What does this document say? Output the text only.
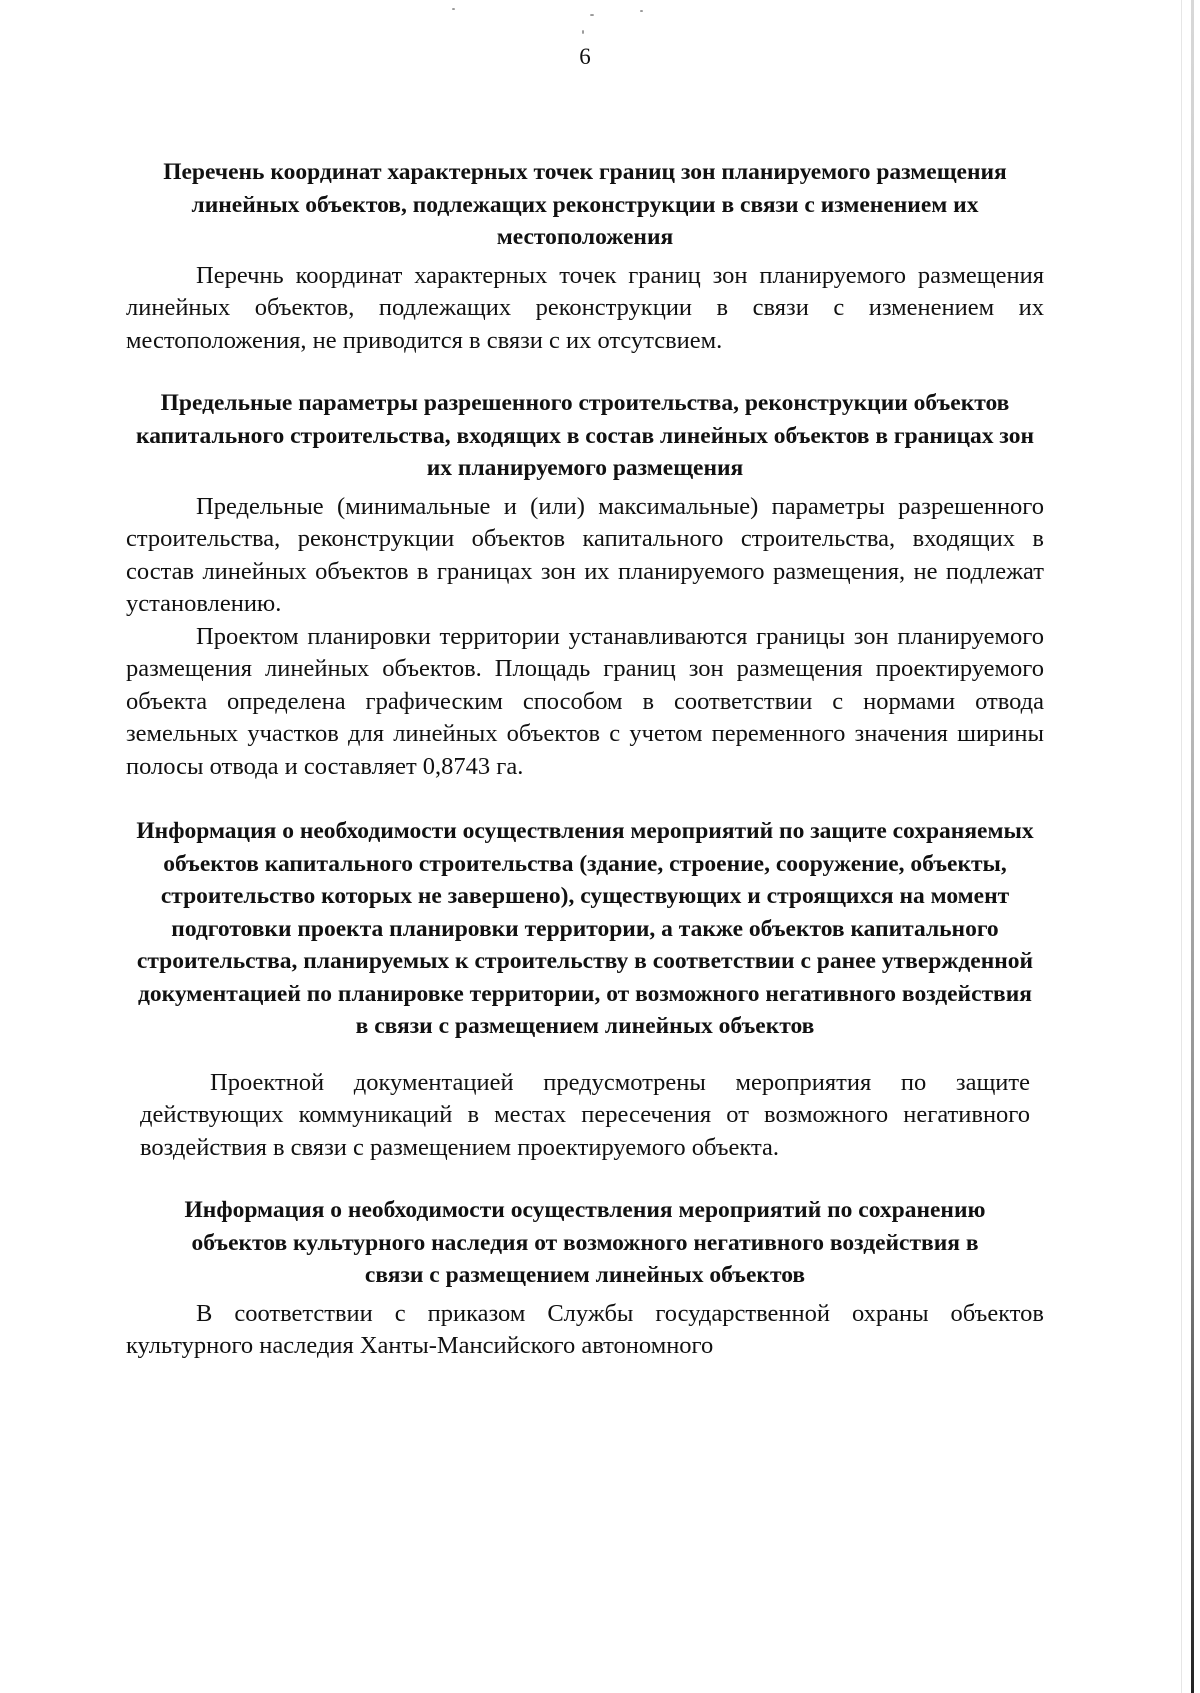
6
Перечень координат характерных точек границ зон планируемого размещения линейных объектов, подлежащих реконструкции в связи с изменением их местоположения

Перечнь координат характерных точек границ зон планируемого размещения линейных объектов, подлежащих реконструкции в связи с изменением их местоположения, не приводится в связи с их отсутсвием.

Предельные параметры разрешенного строительства, реконструкции объектов капитального строительства, входящих в состав линейных объектов в границах зон их планируемого размещения

Предельные (минимальные и (или) максимальные) параметры разрешенного строительства, реконструкции объектов капитального строительства, входящих в состав линейных объектов в границах зон их планируемого размещения, не подлежат установлению.

Проектом планировки территории устанавливаются границы зон планируемого размещения линейных объектов. Площадь границ зон размещения проектируемого объекта определена графическим способом в соответствии с нормами отвода земельных участков для линейных объектов с учетом переменного значения ширины полосы отвода и составляет 0,8743 га.

Информация о необходимости осуществления мероприятий по защите сохраняемых объектов капитального строительства (здание, строение, сооружение, объекты, строительство которых не завершено), существующих и строящихся на момент подготовки проекта планировки территории, а также объектов капитального строительства, планируемых к строительству в соответствии с ранее утвержденной документацией по планировке территории, от возможного негативного воздействия в связи с размещением линейных объектов

Проектной документацией предусмотрены мероприятия по защите действующих коммуникаций в местах пересечения от возможного негативного воздействия в связи с размещением проектируемого объекта.

Информация о необходимости осуществления мероприятий по сохранению объектов культурного наследия от возможного негативного воздействия в связи с размещением линейных объектов

В соответствии с приказом Службы государственной охраны объектов культурного наследия Ханты-Мансийского автономного
